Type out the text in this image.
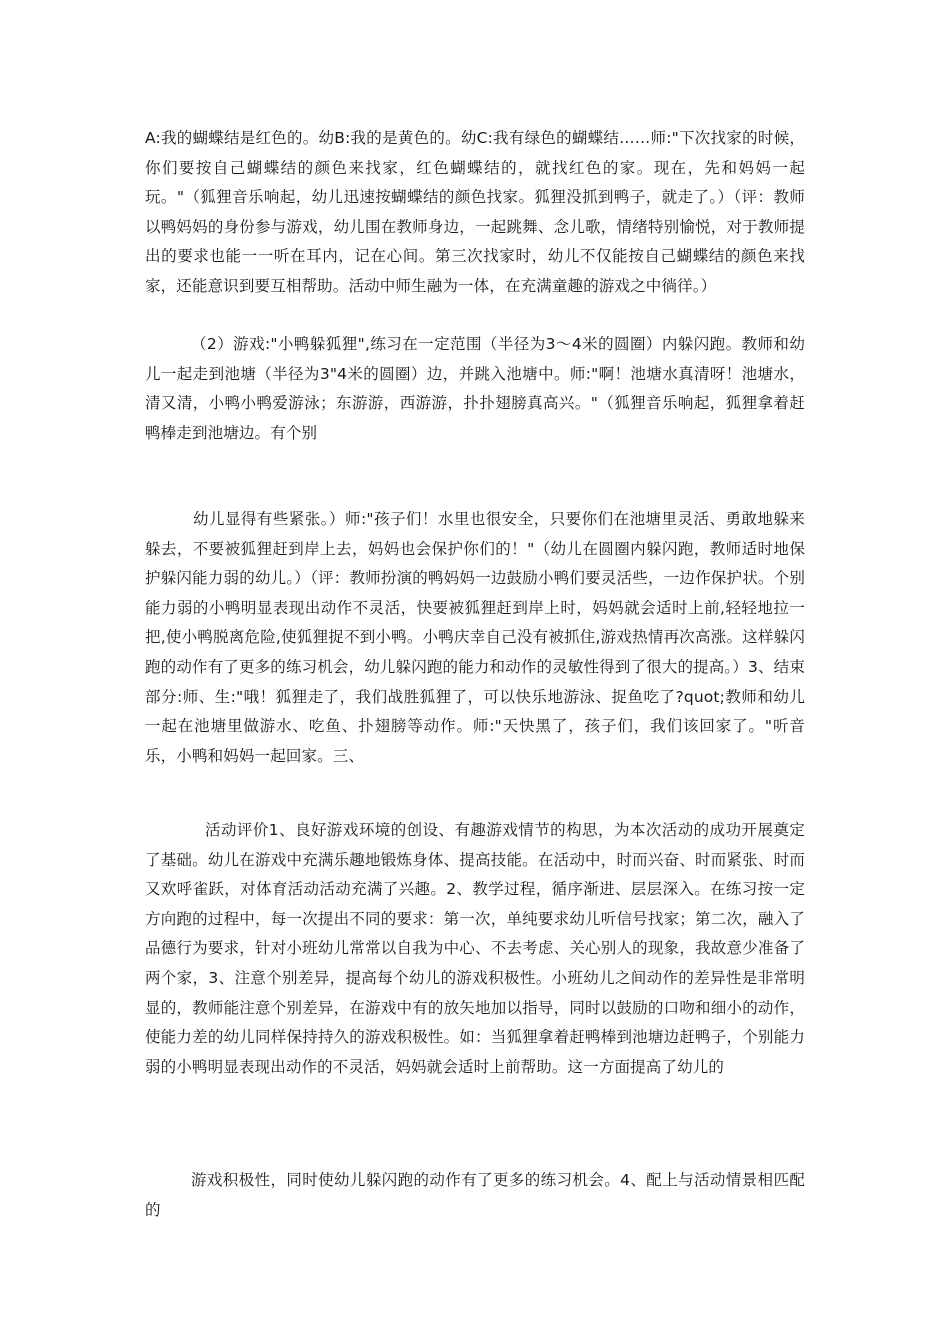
A:我的蝴蝶结是红色的。幼B:我的是黄色的。幼C:我有绿色的蝴蝶结……师:"下次找家的时候，你们要按自己蝴蝶结的颜色来找家，红色蝴蝶结的，就找红色的家。现在，先和妈妈一起玩。"（狐狸音乐响起，幼儿迅速按蝴蝶结的颜色找家。狐狸没抓到鸭子，就走了。）（评：教师以鸭妈妈的身份参与游戏，幼儿围在教师身边，一起跳舞、念儿歌，情绪特别愉悦，对于教师提出的要求也能一一听在耳内，记在心间。第三次找家时，幼儿不仅能按自己蝴蝶结的颜色来找家，还能意识到要互相帮助。活动中师生融为一体，在充满童趣的游戏之中徜徉。）

（2）游戏:"小鸭躲狐狸",练习在一定范围（半径为3～4米的圆圈）内躲闪跑。教师和幼儿一起走到池塘（半径为3"4米的圆圈）边，并跳入池塘中。师:"啊！池塘水真清呀！池塘水，清又清，小鸭小鸭爱游泳；东游游，西游游，扑扑翅膀真高兴。"（狐狸音乐响起，狐狸拿着赶鸭棒走到池塘边。有个别

幼儿显得有些紧张。）师:"孩子们！水里也很安全，只要你们在池塘里灵活、勇敢地躲来躲去，不要被狐狸赶到岸上去，妈妈也会保护你们的！"（幼儿在圆圈内躲闪跑，教师适时地保护躲闪能力弱的幼儿。）（评：教师扮演的鸭妈妈一边鼓励小鸭们要灵活些，一边作保护状。个别能力弱的小鸭明显表现出动作不灵活，快要被狐狸赶到岸上时，妈妈就会适时上前,轻轻地拉一把,使小鸭脱离危险,使狐狸捉不到小鸭。小鸭庆幸自己没有被抓住,游戏热情再次高涨。这样躲闪跑的动作有了更多的练习机会，幼儿躲闪跑的能力和动作的灵敏性得到了很大的提高。）3、结束部分:师、生:"哦！狐狸走了，我们战胜狐狸了，可以快乐地游泳、捉鱼吃了?quot;教师和幼儿一起在池塘里做游水、吃鱼、扑翅膀等动作。师:"天快黑了，孩子们，我们该回家了。"听音乐，小鸭和妈妈一起回家。三、

活动评价1、良好游戏环境的创设、有趣游戏情节的构思，为本次活动的成功开展奠定了基础。幼儿在游戏中充满乐趣地锻炼身体、提高技能。在活动中，时而兴奋、时而紧张、时而又欢呼雀跃，对体育活动活动充满了兴趣。2、教学过程，循序渐进、层层深入。在练习按一定方向跑的过程中，每一次提出不同的要求：第一次，单纯要求幼儿听信号找家；第二次，融入了品德行为要求，针对小班幼儿常常以自我为中心、不去考虑、关心别人的现象，我故意少准备了两个家，3、注意个别差异，提高每个幼儿的游戏积极性。小班幼儿之间动作的差异性是非常明显的，教师能注意个别差异，在游戏中有的放矢地加以指导，同时以鼓励的口吻和细小的动作，使能力差的幼儿同样保持持久的游戏积极性。如：当狐狸拿着赶鸭棒到池塘边赶鸭子，个别能力弱的小鸭明显表现出动作的不灵活，妈妈就会适时上前帮助。这一方面提高了幼儿的

游戏积极性，同时使幼儿躲闪跑的动作有了更多的练习机会。4、配上与活动情景相匹配的
